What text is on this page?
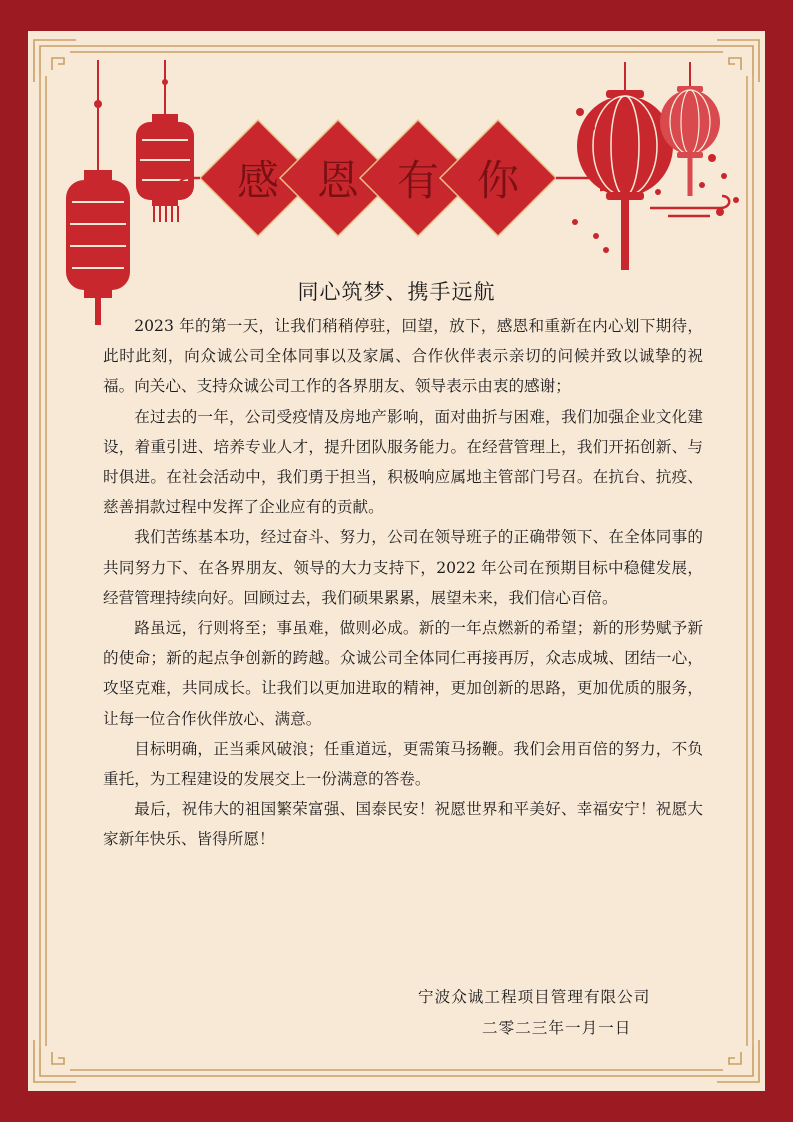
感 恩 有 你
同心筑梦、携手远航

2023 年的第一天，让我们稍稍停驻，回望，放下，感恩和重新在内心划下期待，此时此刻，向众诚公司全体同事以及家属、合作伙伴表示亲切的问候并致以诚挚的祝福。向关心、支持众诚公司工作的各界朋友、领导表示由衷的感谢；

在过去的一年，公司受疫情及房地产影响，面对曲折与困难，我们加强企业文化建设，着重引进、培养专业人才，提升团队服务能力。在经营管理上，我们开拓创新、与时俱进。在社会活动中，我们勇于担当，积极响应属地主管部门号召。在抗台、抗疫、慈善捐款过程中发挥了企业应有的贡献。

我们苦练基本功，经过奋斗、努力，公司在领导班子的正确带领下、在全体同事的共同努力下、在各界朋友、领导的大力支持下，2022 年公司在预期目标中稳健发展，经营管理持续向好。回顾过去，我们硕果累累，展望未来，我们信心百倍。

路虽远，行则将至；事虽难，做则必成。新的一年点燃新的希望；新的形势赋予新的使命；新的起点争创新的跨越。众诚公司全体同仁再接再厉，众志成城、团结一心，攻坚克难，共同成长。让我们以更加进取的精神，更加创新的思路，更加优质的服务，让每一位合作伙伴放心、满意。

目标明确，正当乘风破浪；任重道远，更需策马扬鞭。我们会用百倍的努力，不负重托，为工程建设的发展交上一份满意的答卷。

最后，祝伟大的祖国繁荣富强、国泰民安！祝愿世界和平美好、幸福安宁！祝愿大家新年快乐、皆得所愿！

宁波众诚工程项目管理有限公司
二零二三年一月一日
